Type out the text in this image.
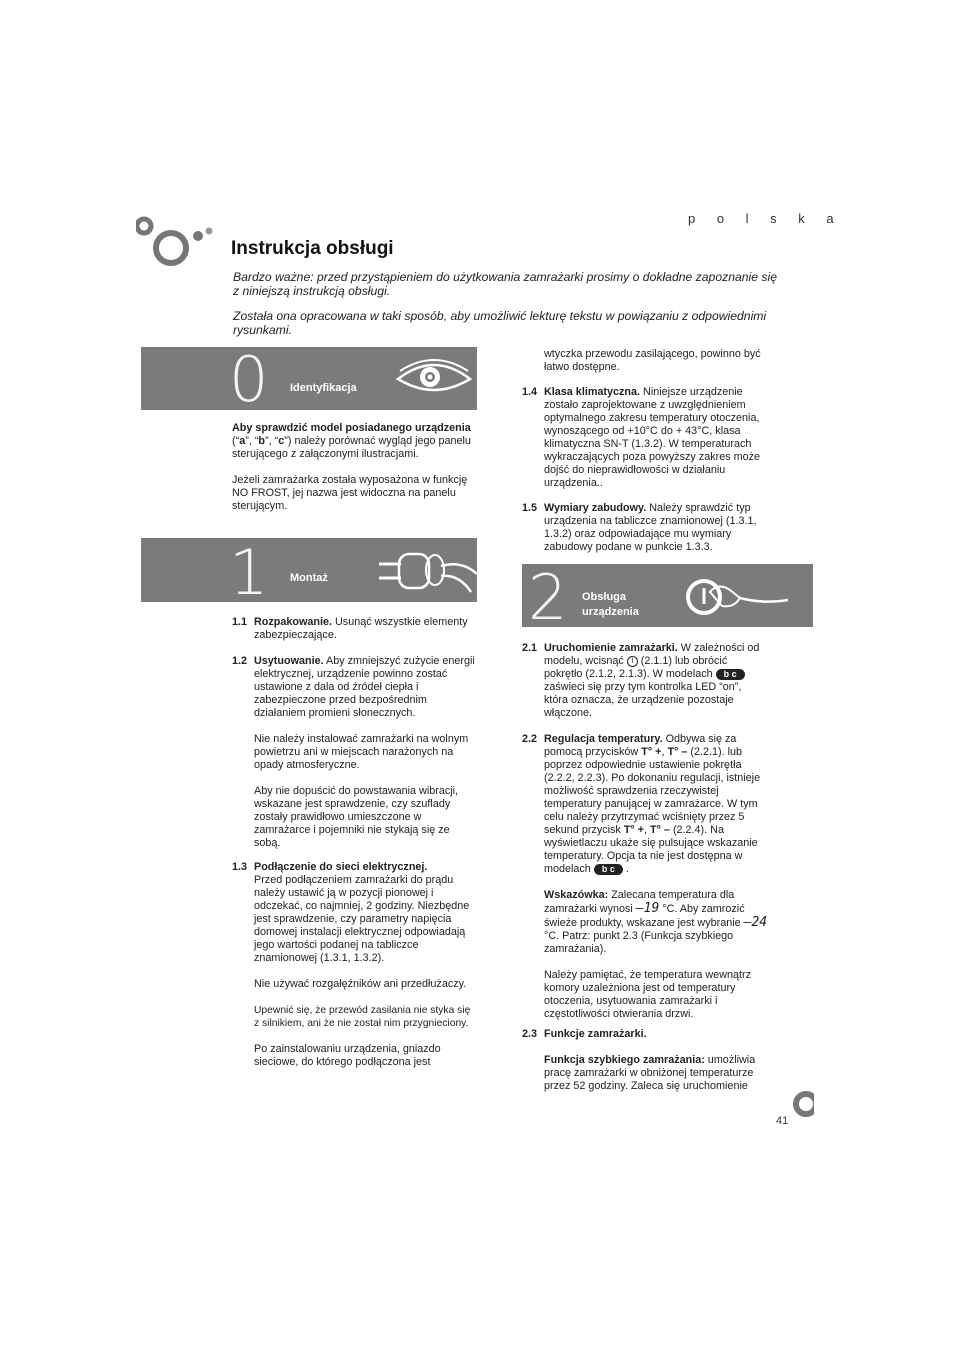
p o l s k a
Instrukcja obsługi
Bardzo ważne: przed przystąpieniem do użytkowania zamrażarki prosimy o dokładne zapoznanie się z niniejszą instrukcją obsługi.
Została ona opracowana w taki sposób, aby umożliwić lekturę tekstu w powiązaniu z odpowiednimi rysunkami.
0 Identyfikacja

Aby sprawdzić model posiadanego urządzenia (“a”, “b”, “c”) należy porównać wygląd jego panelu sterującego z załączonymi ilustracjami.

Jeżeli zamrażarka została wyposażona w funkcję NO FROST, jej nazwa jest widoczna na panelu sterującym.

1 Montaż
1.1 Rozpakowanie. Usunąć wszystkie elementy zabezpieczające.

1.2 Usytuowanie. Aby zmniejszyć zużycie energii elektrycznej, urządzenie powinno zostać ustawione z dala od źródeł ciepła i zabezpieczone przed bezpośrednim działaniem promieni słonecznych.

Nie należy instalować zamrażarki na wolnym powietrzu ani w miejscach narażonych na opady atmosferyczne.

Aby nie dopuścić do powstawania wibracji, wskazane jest sprawdzenie, czy szuflady zostały prawidłowo umieszczone w zamrażarce i pojemniki nie stykają się ze sobą.

1.3 Podłączenie do sieci elektrycznej.

Przed podłączeniem zamrażarki do prądu należy ustawić ją w pozycji pionowej i odczekać, co najmniej, 2 godziny. Niezbędne jest sprawdzenie, czy parametry napięcia domowej instalacji elektrycznej odpowiadają jego wartości podanej na tabliczce znamionowej (1.3.1, 1.3.2).

Nie używać rozgałęźników ani przedłużaczy.

Upewnić się, że przewód zasilania nie styka się z silnikiem, ani że nie został nim przygnieciony.

Po zainstalowaniu urządzenia, gniazdo sieciowe, do którego podłączona jest

wtyczka przewodu zasilającego, powinno być łatwo dostępne.

1.4 Klasa klimatyczna. Niniejsze urządzenie zostało zaprojektowane z uwzględnieniem optymalnego zakresu temperatury otoczenia, wynoszącego od +10°C do + 43°C, klasa klimatyczna SN-T (1.3.2). W temperaturach wykraczających poza powyższy zakres może dojść do nieprawidłowości w działaniu urządzenia..

1.5 Wymiary zabudowy. Należy sprawdzić typ urządzenia na tabliczce znamionowej (1.3.1, 1.3.2) oraz odpowiadające mu wymiary zabudowy podane w punkcie 1.3.3.

2 Obsługa
urządzenia
2.1 Uruchomienie zamrażarki. W zależności od modelu, wcisnąć I (2.1.1) lub obrócić pokrętło (2.1.2, 2.1.3). W modelach b c zaświeci się przy tym kontrolka LED “on”, która oznacza, że urządzenie pozostaje włączone.

2.2 Regulacja temperatury. Odbywa się za pomocą przycisków T° +, T° – (2.2.1). lub poprzez odpowiednie ustawienie pokrętła (2.2.2, 2.2.3). Po dokonaniu regulacji, istnieje możliwość sprawdzenia rzeczywistej temperatury panującej w zamrażarce. W tym celu należy przytrzymać wciśnięty przez 5 sekund przycisk T° +, T° – (2.2.4). Na wyświetlaczu ukaże się pulsujące wskazanie temperatury. Opcja ta nie jest dostępna w modelach b c .

Wskazówka: Zalecana temperatura dla zamrażarki wynosi –19 °C. Aby zamrozić świeże produkty, wskazane jest wybranie –24 °C. Patrz: punkt 2.3 (Funkcja szybkiego zamrażania).

Należy pamiętać, że temperatura wewnątrz komory uzależniona jest od temperatury otoczenia, usytuowania zamrażarki i częstotliwości otwierania drzwi.

2.3 Funkcje zamrażarki.

Funkcja szybkiego zamrażania: umożliwia pracę zamrażarki w obniżonej temperaturze przez 52 godziny. Zaleca się uruchomienie

41
